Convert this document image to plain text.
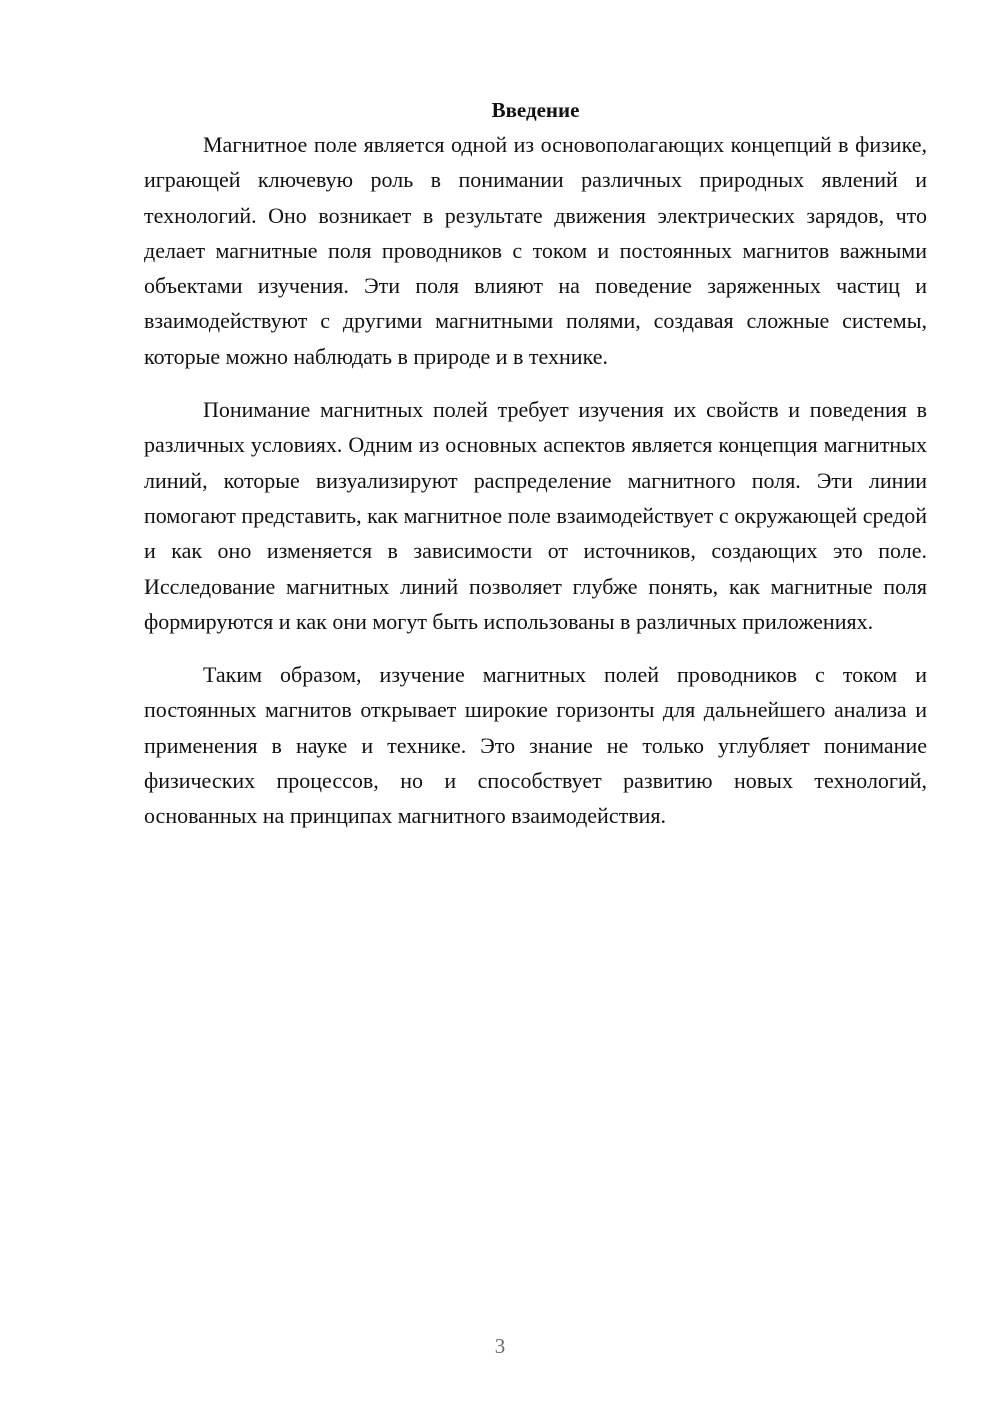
Введение

Магнитное поле является одной из основополагающих концепций в физике, играющей ключевую роль в понимании различных природных явлений и технологий. Оно возникает в результате движения электрических зарядов, что делает магнитные поля проводников с током и постоянных магнитов важными объектами изучения. Эти поля влияют на поведение заряженных частиц и взаимодействуют с другими магнитными полями, создавая сложные системы, которые можно наблюдать в природе и в технике.

Понимание магнитных полей требует изучения их свойств и поведения в различных условиях. Одним из основных аспектов является концепция магнитных линий, которые визуализируют распределение магнитного поля. Эти линии помогают представить, как магнитное поле взаимодействует с окружающей средой и как оно изменяется в зависимости от источников, создающих это поле. Исследование магнитных линий позволяет глубже понять, как магнитные поля формируются и как они могут быть использованы в различных приложениях.

Таким образом, изучение магнитных полей проводников с током и постоянных магнитов открывает широкие горизонты для дальнейшего анализа и применения в науке и технике. Это знание не только углубляет понимание физических процессов, но и способствует развитию новых технологий, основанных на принципах магнитного взаимодействия.

3
